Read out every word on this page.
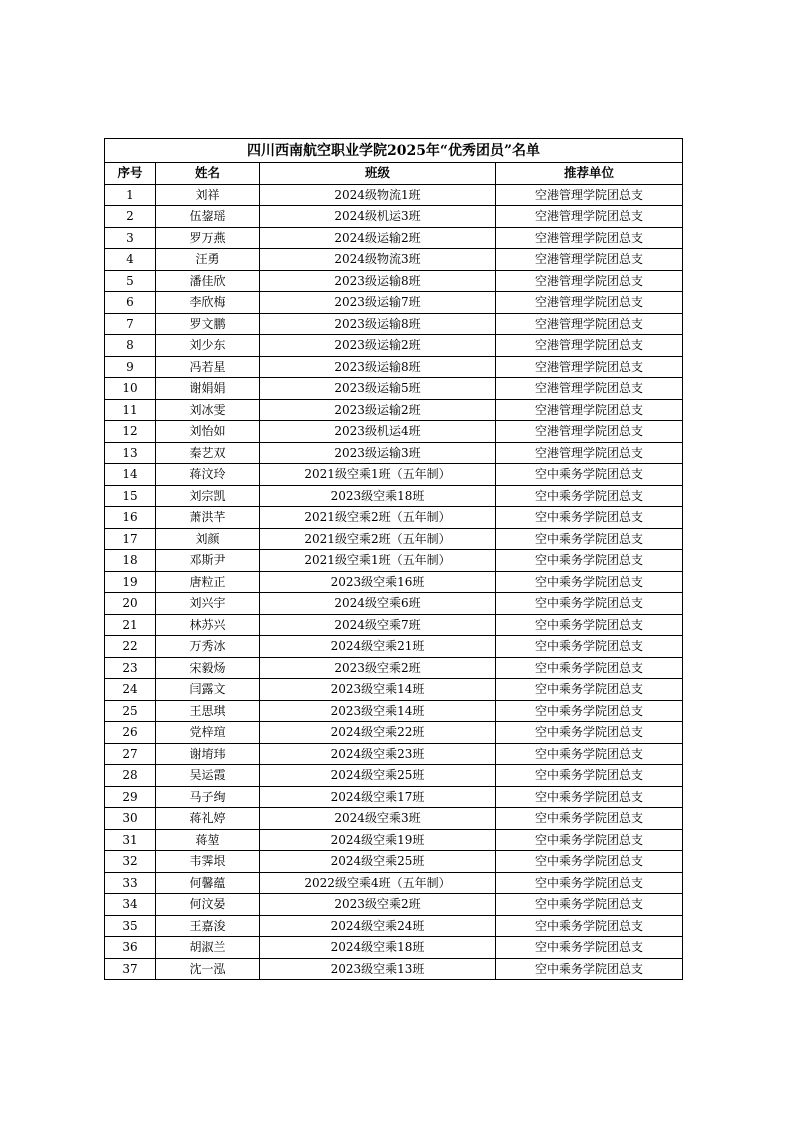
四川西南航空职业学院2025年“优秀团员”名单			
序号	姓名	班级	推荐单位
1	刘祥	2024级物流1班	空港管理学院团总支
2	伍鋆瑶	2024级机运3班	空港管理学院团总支
3	罗万燕	2024级运输2班	空港管理学院团总支
4	汪勇	2024级物流3班	空港管理学院团总支
5	潘佳欣	2023级运输8班	空港管理学院团总支
6	李欣梅	2023级运输7班	空港管理学院团总支
7	罗文鹏	2023级运输8班	空港管理学院团总支
8	刘少东	2023级运输2班	空港管理学院团总支
9	冯若星	2023级运输8班	空港管理学院团总支
10	谢娟娟	2023级运输5班	空港管理学院团总支
11	刘冰雯	2023级运输2班	空港管理学院团总支
12	刘怡如	2023级机运4班	空港管理学院团总支
13	秦艺双	2023级运输3班	空港管理学院团总支
14	蒋汶玲	2021级空乘1班（五年制）	空中乘务学院团总支
15	刘宗凯	2023级空乘18班	空中乘务学院团总支
16	萧洪芊	2021级空乘2班（五年制）	空中乘务学院团总支
17	刘颜	2021级空乘2班（五年制）	空中乘务学院团总支
18	邓斯尹	2021级空乘1班（五年制）	空中乘务学院团总支
19	唐粒正	2023级空乘16班	空中乘务学院团总支
20	刘兴宇	2024级空乘6班	空中乘务学院团总支
21	林苏兴	2024级空乘7班	空中乘务学院团总支
22	万秀冰	2024级空乘21班	空中乘务学院团总支
23	宋毅炀	2023级空乘2班	空中乘务学院团总支
24	闫露文	2023级空乘14班	空中乘务学院团总支
25	王思琪	2023级空乘14班	空中乘务学院团总支
26	党梓瑄	2024级空乘22班	空中乘务学院团总支
27	谢堉玮	2024级空乘23班	空中乘务学院团总支
28	吴运霞	2024级空乘25班	空中乘务学院团总支
29	马子绚	2024级空乘17班	空中乘务学院团总支
30	蒋礼婷	2024级空乘3班	空中乘务学院团总支
31	蒋堃	2024级空乘19班	空中乘务学院团总支
32	韦霁垠	2024级空乘25班	空中乘务学院团总支
33	何馨蕴	2022级空乘4班（五年制）	空中乘务学院团总支
34	何汶晏	2023级空乘2班	空中乘务学院团总支
35	王嘉浚	2024级空乘24班	空中乘务学院团总支
36	胡淑兰	2024级空乘18班	空中乘务学院团总支
37	沈一泓	2023级空乘13班	空中乘务学院团总支
